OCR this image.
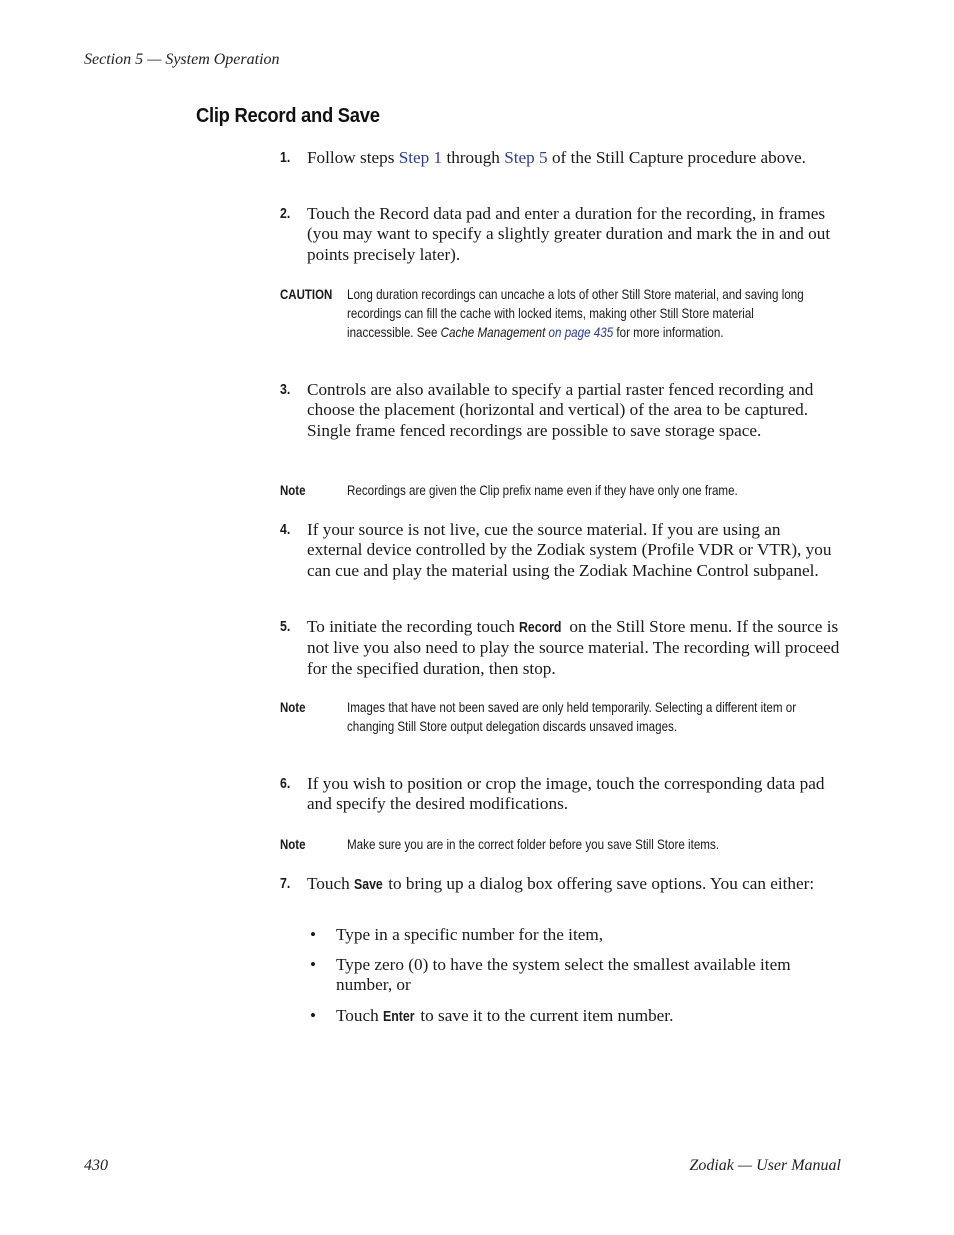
Section 5 — System Operation
Clip Record and Save
1. Follow steps Step 1 through Step 5 of the Still Capture procedure above.
2. Touch the Record data pad and enter a duration for the recording, in frames (you may want to specify a slightly greater duration and mark the in and out points precisely later).
CAUTION Long duration recordings can uncache a lots of other Still Store material, and saving long recordings can fill the cache with locked items, making other Still Store material inaccessible. See Cache Management on page 435 for more information.
3. Controls are also available to specify a partial raster fenced recording and choose the placement (horizontal and vertical) of the area to be captured. Single frame fenced recordings are possible to save storage space.
Note	Recordings are given the Clip prefix name even if they have only one frame.
4. If your source is not live, cue the source material. If you are using an external device controlled by the Zodiak system (Profile VDR or VTR), you can cue and play the material using the Zodiak Machine Control subpanel.
5. To initiate the recording touch Record on the Still Store menu. If the source is not live you also need to play the source material. The recording will proceed for the specified duration, then stop.
Note	Images that have not been saved are only held temporarily. Selecting a different item or changing Still Store output delegation discards unsaved images.
6. If you wish to position or crop the image, touch the corresponding data pad and specify the desired modifications.
Note	Make sure you are in the correct folder before you save Still Store items.
7. Touch Save to bring up a dialog box offering save options. You can either:
• Type in a specific number for the item,
• Type zero (0) to have the system select the smallest available item number, or
• Touch Enter to save it to the current item number.
430	Zodiak — User Manual
